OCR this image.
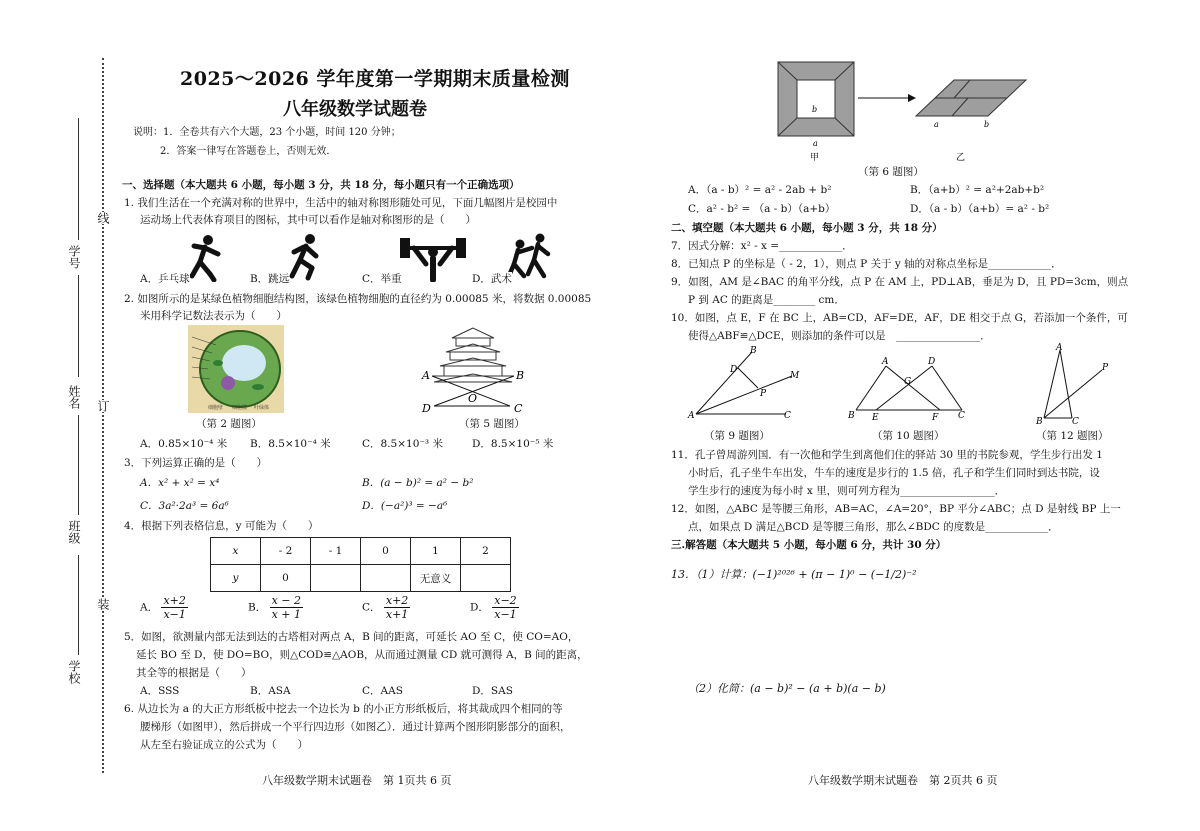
学号
姓名
班级
学校
线
订
装
2025～2026 学年度第一学期期末质量检测
八年级数学试题卷
说明：1．全卷共有六个大题，23 个小题，时间 120 分钟；
2．答案一律写在答题卷上，否则无效．
一、选择题（本大题共 6 小题，每小题 3 分，共 18 分，每小题只有一个正确选项）
1. 我们生活在一个充满对称的世界中，生活中的轴对称图形随处可见，下面几幅图片是校园中
运动场上代表体育项目的图标，其中可以看作是轴对称图形的是（　　）
A．乒乓球	B．跳远	C．举重	D．武术
2. 如图所示的是某绿色植物细胞结构图，该绿色植物细胞的直径约为 0.00085 米，将数据 0.00085
米用科学记数法表示为（　　）
细胞壁 细胞膜 叶绿体
（第 2 题图）
A	B
D
O
C
（第 5 题图）
A．0.85×10⁻⁴ 米 B．8.5×10⁻⁴ 米	C．8.5×10⁻³ 米	D．8.5×10⁻⁵ 米
3．下列运算正确的是（　　）
A．x² + x² = x⁴	B．(a − b)² = a² − b²
C．3a²·2a³ = 6a⁶	D．(−a²)³ = −a⁶
4．根据下列表格信息，y 可能为（　　）
x	- 2	- 1	0	1	2
y	0			无意义	
A． $\frac{x+2}{x-1}$	B． $\frac{x - 2}{x + 1}$	C． $\frac{x+2}{x+1}$	D． $\frac{x-2}{x-1}$
5．如图，欲测量内部无法到达的古塔相对两点 A，B 间的距离，可延长 AO 至 C，使 CO=AO，
延长 BO 至 D，使 DO=BO，则△COD≌△AOB，从而通过测量 CD 就可测得 A，B 间的距离，
其全等的根据是（　　）
A．SSS	B．ASA	C．AAS	D．SAS
6. 从边长为 a 的大正方形纸板中挖去一个边长为 b 的小正方形纸板后，将其裁成四个相同的等
腰梯形（如图甲），然后拼成一个平行四边形（如图乙）．通过计算两个图形阴影部分的面积，
从左至右验证成立的公式为（　　）
八年级数学期末试题卷　第 1页共 6 页
b
a
甲
a	b
乙
（第 6 题图）
A．（a - b）² = a² - 2ab + b²	B．（a+b）² = a²+2ab+b²
C．a² - b² = （a - b）（a+b）	D．（a - b）（a+b）= a² - b²
二、填空题（本大题共 6 小题，每小题 3 分，共 18 分）
7．因式分解：x² - x =____________．
8．已知点 P 的坐标是（ - 2，1），则点 P 关于 y 轴的对称点坐标是____________．
9．如图，AM 是∠BAC 的角平分线，点 P 在 AM 上，PD⊥AB，垂足为 D，且 PD=3cm，则点
P 到 AC 的距离是________ cm．
10．如图，点 E，F 在 BC 上，AB=CD，AF=DE，AF，DE 相交于点 G，若添加一个条件，可
使得△ABF≌△DCE，则添加的条件可以是　________________．
B
D
M
P
A	C
A	D
G
B E	F C
A
P
B	C
（第 9 题图）	（第 10 题图）	（第 12 题图）
11．孔子曾周游列国．有一次他和学生到离他们住的驿站 30 里的书院参观，学生步行出发 1
小时后，孔子坐牛车出发，牛车的速度是步行的 1.5 倍，孔子和学生们同时到达书院，设
学生步行的速度为每小时 x 里，则可列方程为__________________．
12．如图，△ABC 是等腰三角形，AB=AC，∠A=20°，BP 平分∠ABC；点 D 是射线 BP 上一
点，如果点 D 满足△BCD 是等腰三角形，那么∠BDC 的度数是____________．
三.解答题（本大题共 5 小题，每小题 6 分，共计 30 分）
13．（1）计算：(−1)²⁰²⁶ + (π − 1)⁰ − (−1/2)⁻²
（2）化简：(a − b)² − (a + b)(a − b)
八年级数学期末试题卷　第 2页共 6 页
